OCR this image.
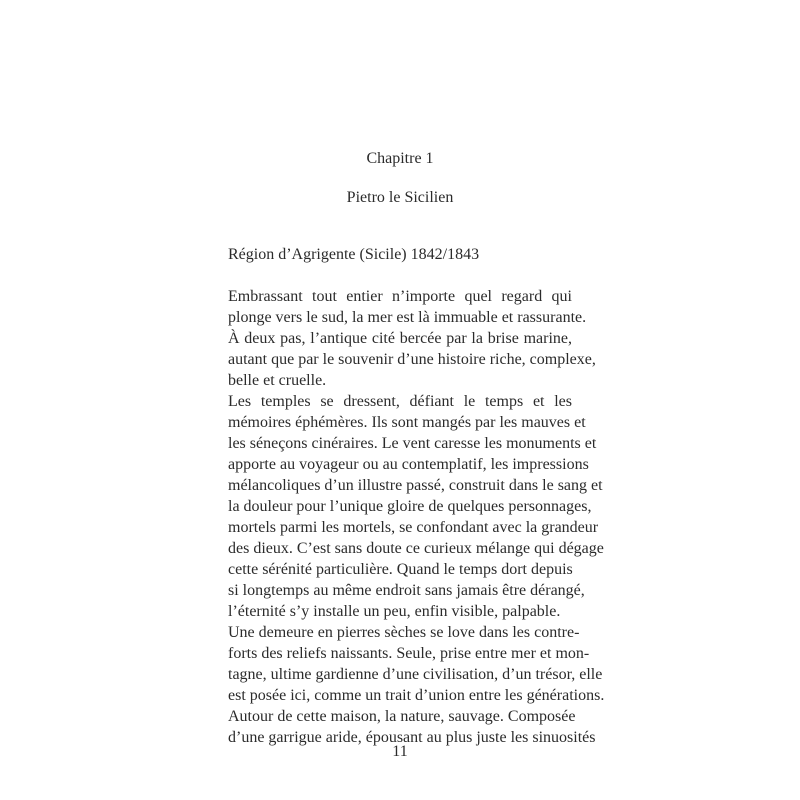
Chapitre 1
Pietro le Sicilien
Région d’Agrigente (Sicile) 1842/1843
Embrassant tout entier n’importe quel regard qui
plonge vers le sud, la mer est là immuable et rassurante.
À deux pas, l’antique cité bercée par la brise marine,
autant que par le souvenir d’une histoire riche, complexe,
belle et cruelle.
Les temples se dressent, défiant le temps et les
mémoires éphémères. Ils sont mangés par les mauves et
les séneçons cinéraires. Le vent caresse les monuments et
apporte au voyageur ou au contemplatif, les impressions
mélancoliques d’un illustre passé, construit dans le sang et
la douleur pour l’unique gloire de quelques personnages,
mortels parmi les mortels, se confondant avec la grandeur
des dieux. C’est sans doute ce curieux mélange qui dégage
cette sérénité particulière. Quand le temps dort depuis
si longtemps au même endroit sans jamais être dérangé,
l’éternité s’y installe un peu, enfin visible, palpable.
Une demeure en pierres sèches se love dans les contre-
forts des reliefs naissants. Seule, prise entre mer et mon-
tagne, ultime gardienne d’une civilisation, d’un trésor, elle
est posée ici, comme un trait d’union entre les générations.
Autour de cette maison, la nature, sauvage. Composée
d’une garrigue aride, épousant au plus juste les sinuosités
11
